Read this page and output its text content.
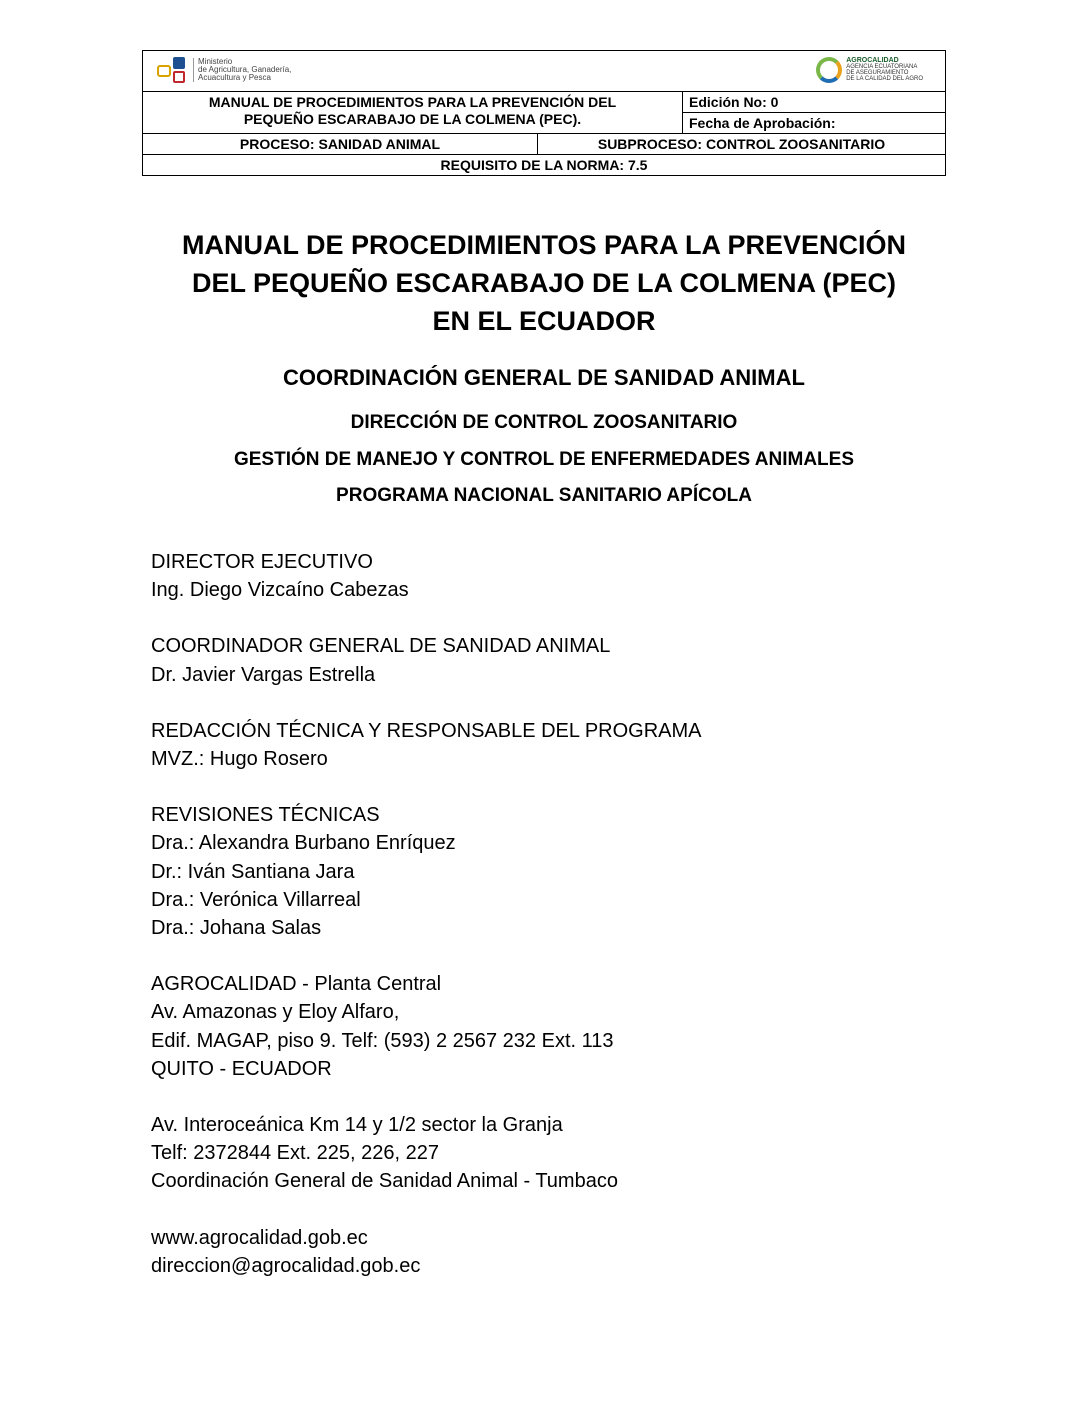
Ministerio
de Agricultura, Ganadería,
Acuacultura y Pesca
AGROCALIDAD
AGENCIA ECUATORIANA
DE ASEGURAMIENTO
DE LA CALIDAD DEL AGRO
MANUAL DE PROCEDIMIENTOS PARA LA PREVENCIÓN DEL
PEQUEÑO ESCARABAJO DE LA COLMENA (PEC).
Edición No: 0
Fecha de Aprobación:
PROCESO: SANIDAD ANIMAL	SUBPROCESO: CONTROL ZOOSANITARIO
REQUISITO DE LA NORMA: 7.5
MANUAL DE PROCEDIMIENTOS PARA LA PREVENCIÓN
DEL PEQUEÑO ESCARABAJO DE LA COLMENA (PEC)
EN EL ECUADOR
COORDINACIÓN GENERAL DE SANIDAD ANIMAL
DIRECCIÓN DE CONTROL ZOOSANITARIO
GESTIÓN DE MANEJO Y CONTROL DE ENFERMEDADES ANIMALES
PROGRAMA NACIONAL SANITARIO APÍCOLA
DIRECTOR EJECUTIVO
Ing. Diego Vizcaíno Cabezas
COORDINADOR GENERAL DE SANIDAD ANIMAL
Dr. Javier Vargas Estrella
REDACCIÓN TÉCNICA Y RESPONSABLE DEL PROGRAMA
MVZ.: Hugo Rosero
REVISIONES TÉCNICAS
Dra.: Alexandra Burbano Enríquez
Dr.: Iván Santiana Jara
Dra.: Verónica Villarreal
Dra.: Johana Salas
AGROCALIDAD - Planta Central
Av. Amazonas y Eloy Alfaro,
Edif. MAGAP, piso 9. Telf: (593) 2 2567 232 Ext. 113
QUITO - ECUADOR
Av. Interoceánica Km 14 y 1/2 sector la Granja
Telf: 2372844 Ext. 225, 226, 227
Coordinación General de Sanidad Animal - Tumbaco
www.agrocalidad.gob.ec
direccion@agrocalidad.gob.ec
